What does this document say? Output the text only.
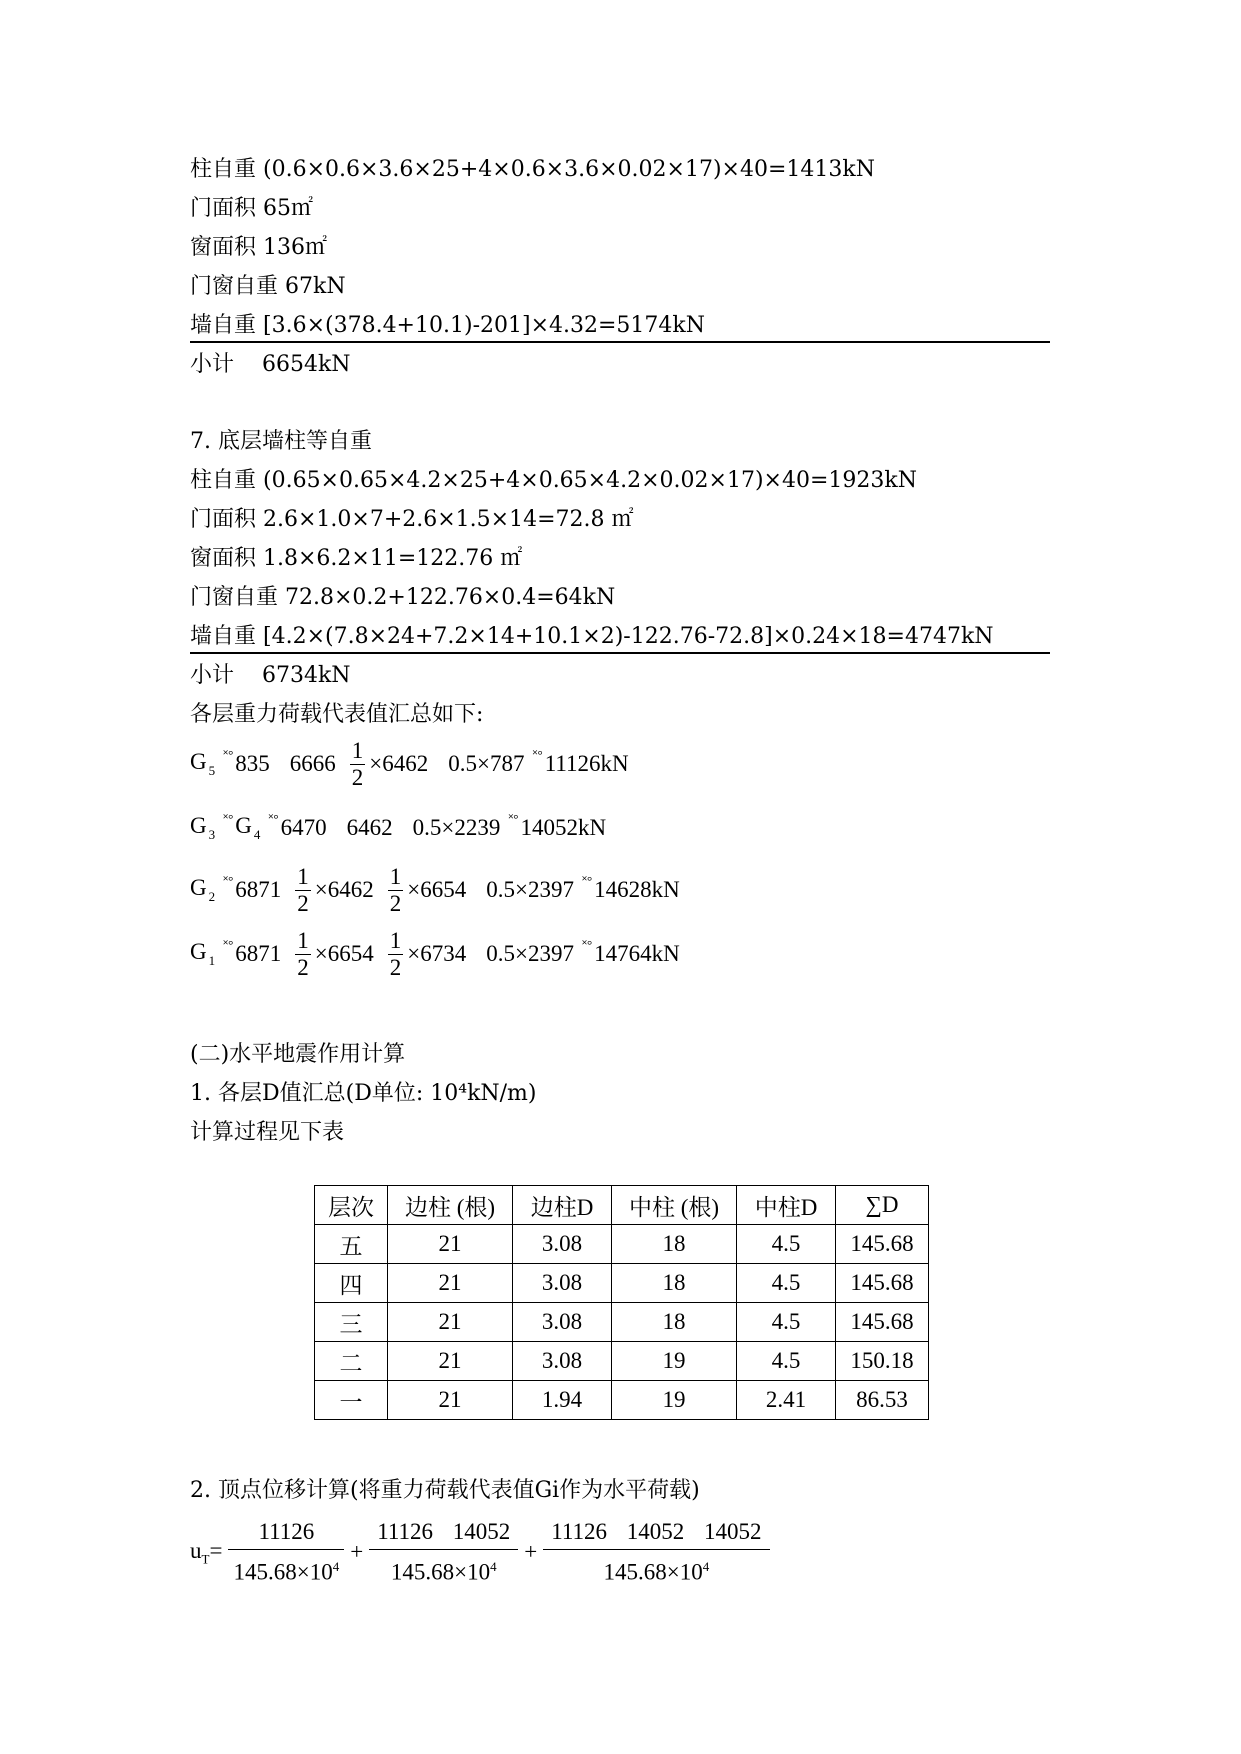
柱自重 (0.6×0.6×3.6×25+4×0.6×3.6×0.02×17)×40=1413kN
门面积 65㎡
窗面积 136㎡
门窗自重 67kN
墙自重 [3.6×(378.4+10.1)-201]×4.32=5174kN
小计    6654kN
7. 底层墙柱等自重
柱自重 (0.65×0.65×4.2×25+4×0.65×4.2×0.02×17)×40=1923kN
门面积 2.6×1.0×7+2.6×1.5×14=72.8 ㎡
窗面积 1.8×6.2×11=122.76 ㎡
门窗自重 72.8×0.2+122.76×0.4=64kN
墙自重 [4.2×(7.8×24+7.2×14+10.1×2)-122.76-72.8]×0.24×18=4747kN
小计    6734kN
各层重力荷载代表值汇总如下:
G $_5$
˟° 835 $6666 \frac{1}{2} \times 6462$ 0.5×787 ˟° 11126kN
G $_3$
˟° G $_4$
˟° 6470 6462 0.5×2239 ˟° 14052kN
G $_2$
˟° $6871 \frac{1}{2} \times 6462 \frac{1}{2} \times 6654$ 0.5×2397 ˟° 14628kN
G $_1$
˟° $6871 \frac{1}{2} \times 6654 \frac{1}{2} \times 6734$ 0.5×2397 ˟° 14764kN
(二)水平地震作用计算
1. 各层D值汇总(D单位: 10⁴kN/m)
计算过程见下表
层次	边柱 (根)	边柱D	中柱 (根)	中柱D	∑D
五	21	3.08	18	4.5	145.68
四	21	3.08	18	4.5	145.68
三	21	3.08	18	4.5	145.68
二	21	3.08	19	4.5	150.18
一	21	1.94	19	2.41	86.53
2. 顶点位移计算(将重力荷载代表值Gi作为水平荷载)
$u_T= \frac{11126}{145.68\times 10^4} + \frac{11126 14052}{145.68\times 10^4} + \frac{11126 14052 14052}{145.68\times 10^4}$
